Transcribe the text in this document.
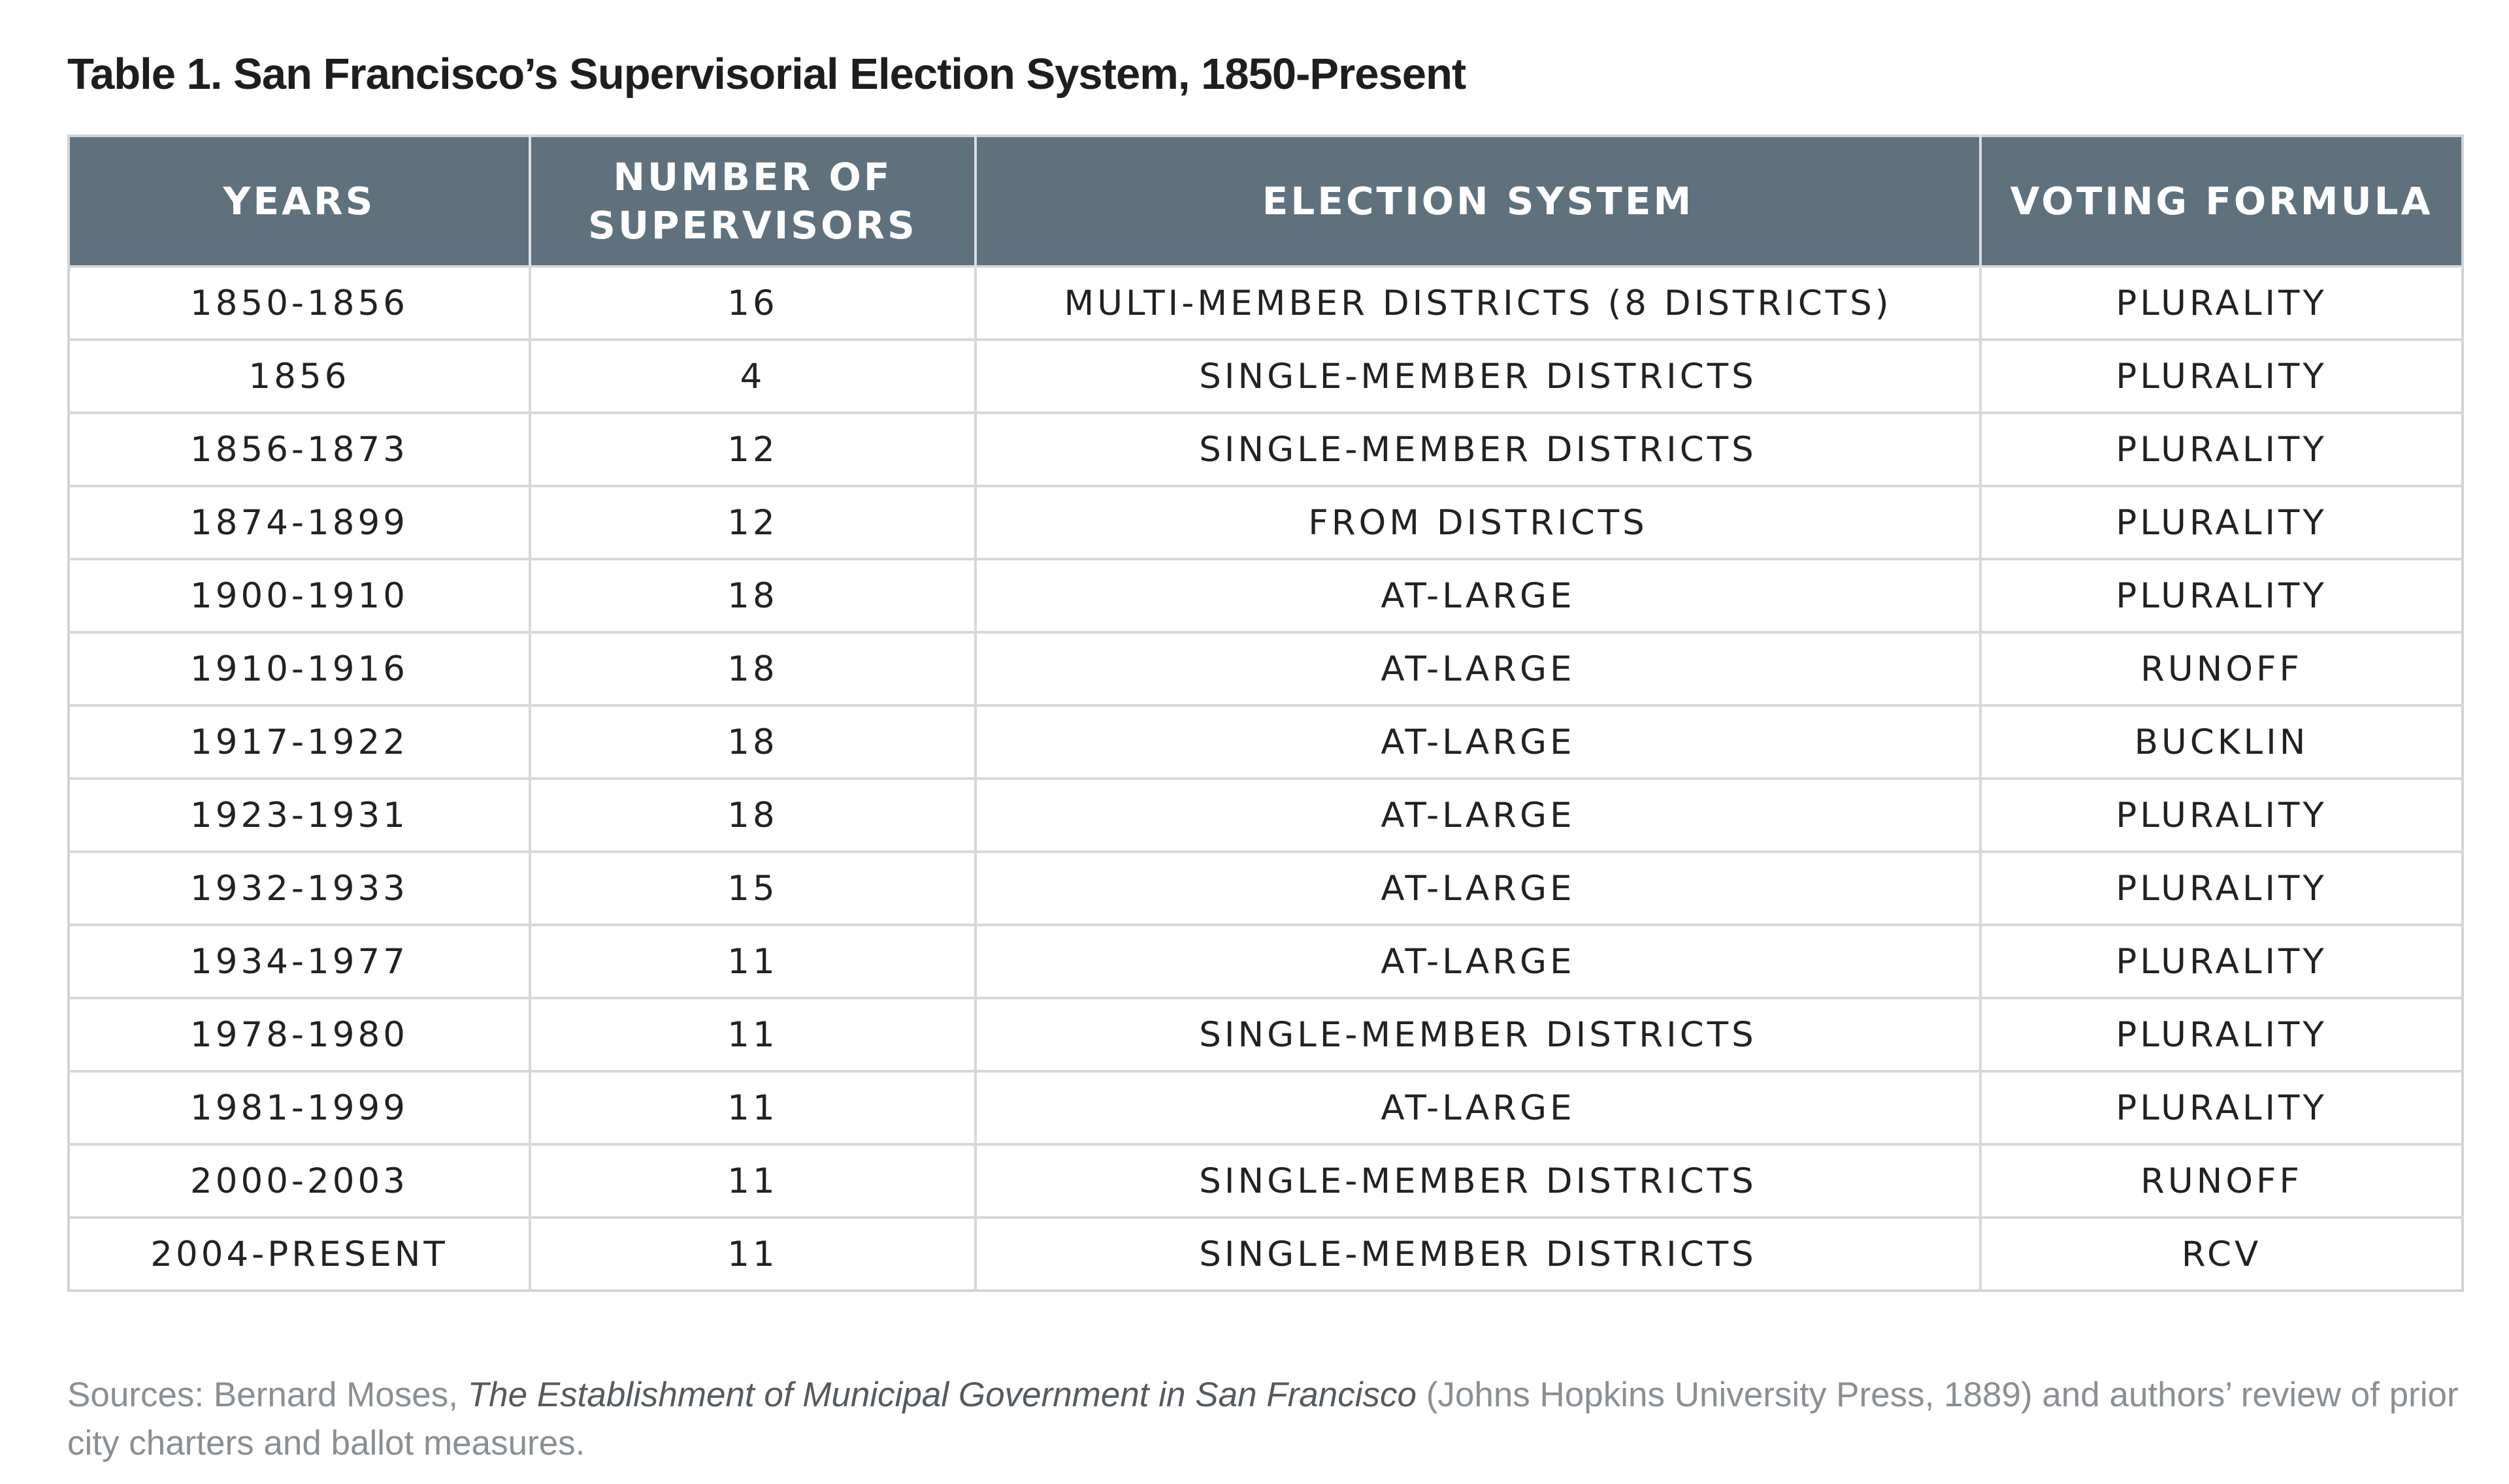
Table 1. San Francisco’s Supervisorial Election System, 1850-Present
YEARS	NUMBER OF SUPERVISORS	ELECTION SYSTEM	VOTING FORMULA
1850-1856	16	MULTI-MEMBER DISTRICTS (8 DISTRICTS)	PLURALITY
1856	4	SINGLE-MEMBER DISTRICTS	PLURALITY
1856-1873	12	SINGLE-MEMBER DISTRICTS	PLURALITY
1874-1899	12	FROM DISTRICTS	PLURALITY
1900-1910	18	AT-LARGE	PLURALITY
1910-1916	18	AT-LARGE	RUNOFF
1917-1922	18	AT-LARGE	BUCKLIN
1923-1931	18	AT-LARGE	PLURALITY
1932-1933	15	AT-LARGE	PLURALITY
1934-1977	11	AT-LARGE	PLURALITY
1978-1980	11	SINGLE-MEMBER DISTRICTS	PLURALITY
1981-1999	11	AT-LARGE	PLURALITY
2000-2003	11	SINGLE-MEMBER DISTRICTS	RUNOFF
2004-PRESENT	11	SINGLE-MEMBER DISTRICTS	RCV

Sources: Bernard Moses, The Establishment of Municipal Government in San Francisco (Johns Hopkins University Press, 1889) and authors’ review of prior city charters and ballot measures.
